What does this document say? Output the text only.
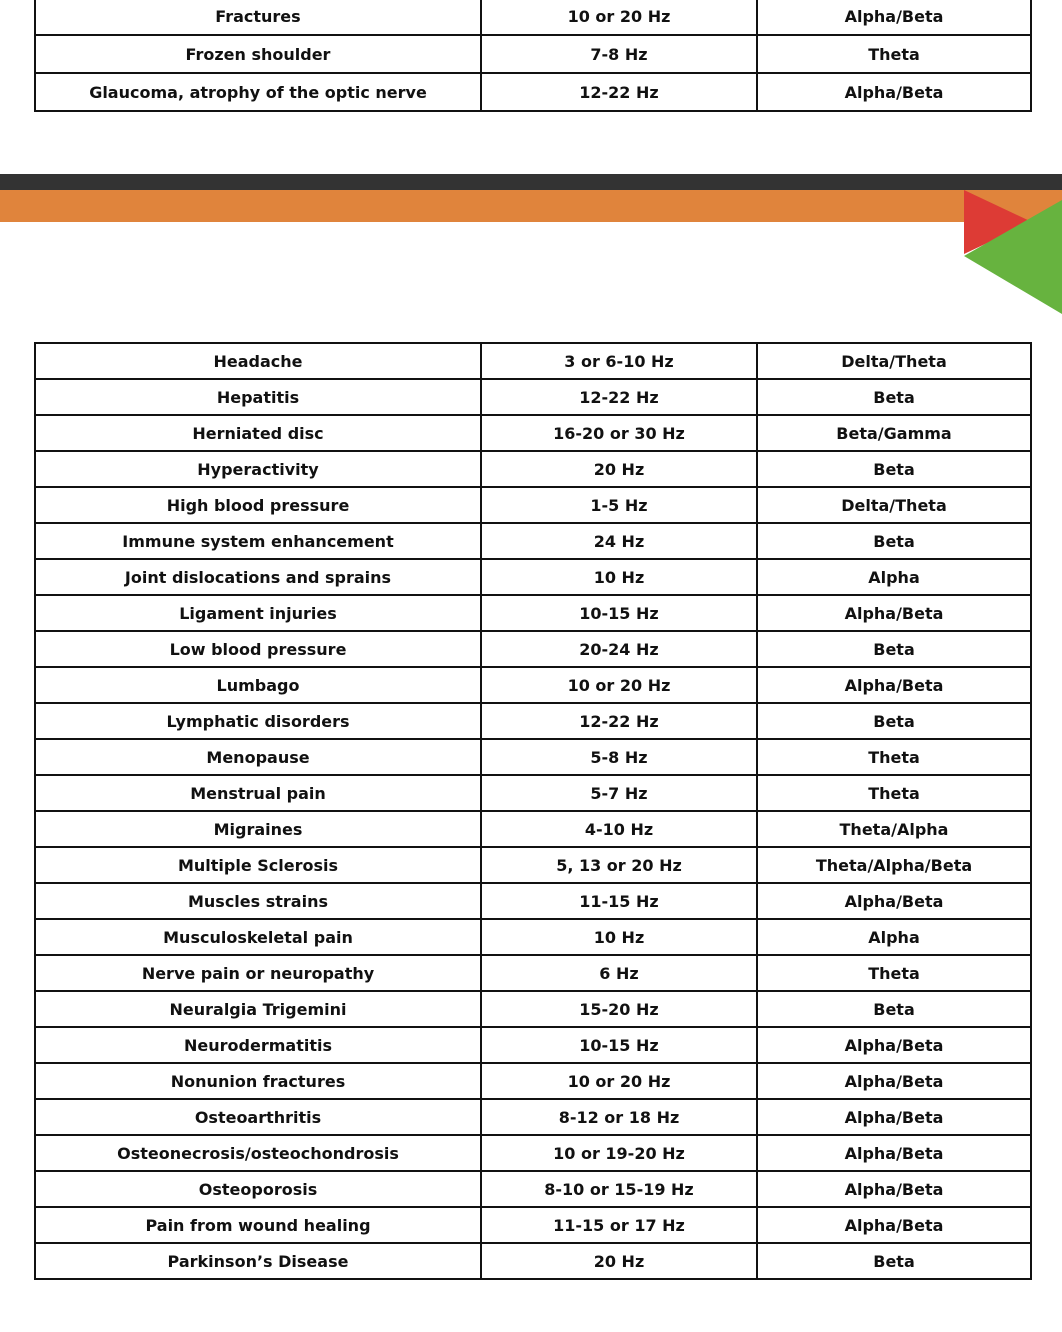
Fractures	10 or 20 Hz	Alpha/Beta
Frozen shoulder	7-8 Hz	Theta
Glaucoma, atrophy of the optic nerve	12-22 Hz	Alpha/Beta
Headache	3 or 6-10 Hz	Delta/Theta
Hepatitis	12-22 Hz	Beta
Herniated disc	16-20 or 30 Hz	Beta/Gamma
Hyperactivity	20 Hz	Beta
High blood pressure	1-5 Hz	Delta/Theta
Immune system enhancement	24 Hz	Beta
Joint dislocations and sprains	10 Hz	Alpha
Ligament injuries	10-15 Hz	Alpha/Beta
Low blood pressure	20-24 Hz	Beta
Lumbago	10 or 20 Hz	Alpha/Beta
Lymphatic disorders	12-22 Hz	Beta
Menopause	5-8 Hz	Theta
Menstrual pain	5-7 Hz	Theta
Migraines	4-10 Hz	Theta/Alpha
Multiple Sclerosis	5, 13 or 20 Hz	Theta/Alpha/Beta
Muscles strains	11-15 Hz	Alpha/Beta
Musculoskeletal pain	10 Hz	Alpha
Nerve pain or neuropathy	6 Hz	Theta
Neuralgia Trigemini	15-20 Hz	Beta
Neurodermatitis	10-15 Hz	Alpha/Beta
Nonunion fractures	10 or 20 Hz	Alpha/Beta
Osteoarthritis	8-12 or 18 Hz	Alpha/Beta
Osteonecrosis/osteochondrosis	10 or 19-20 Hz	Alpha/Beta
Osteoporosis	8-10 or 15-19 Hz	Alpha/Beta
Pain from wound healing	11-15 or 17 Hz	Alpha/Beta
Parkinson’s Disease	20 Hz	Beta
